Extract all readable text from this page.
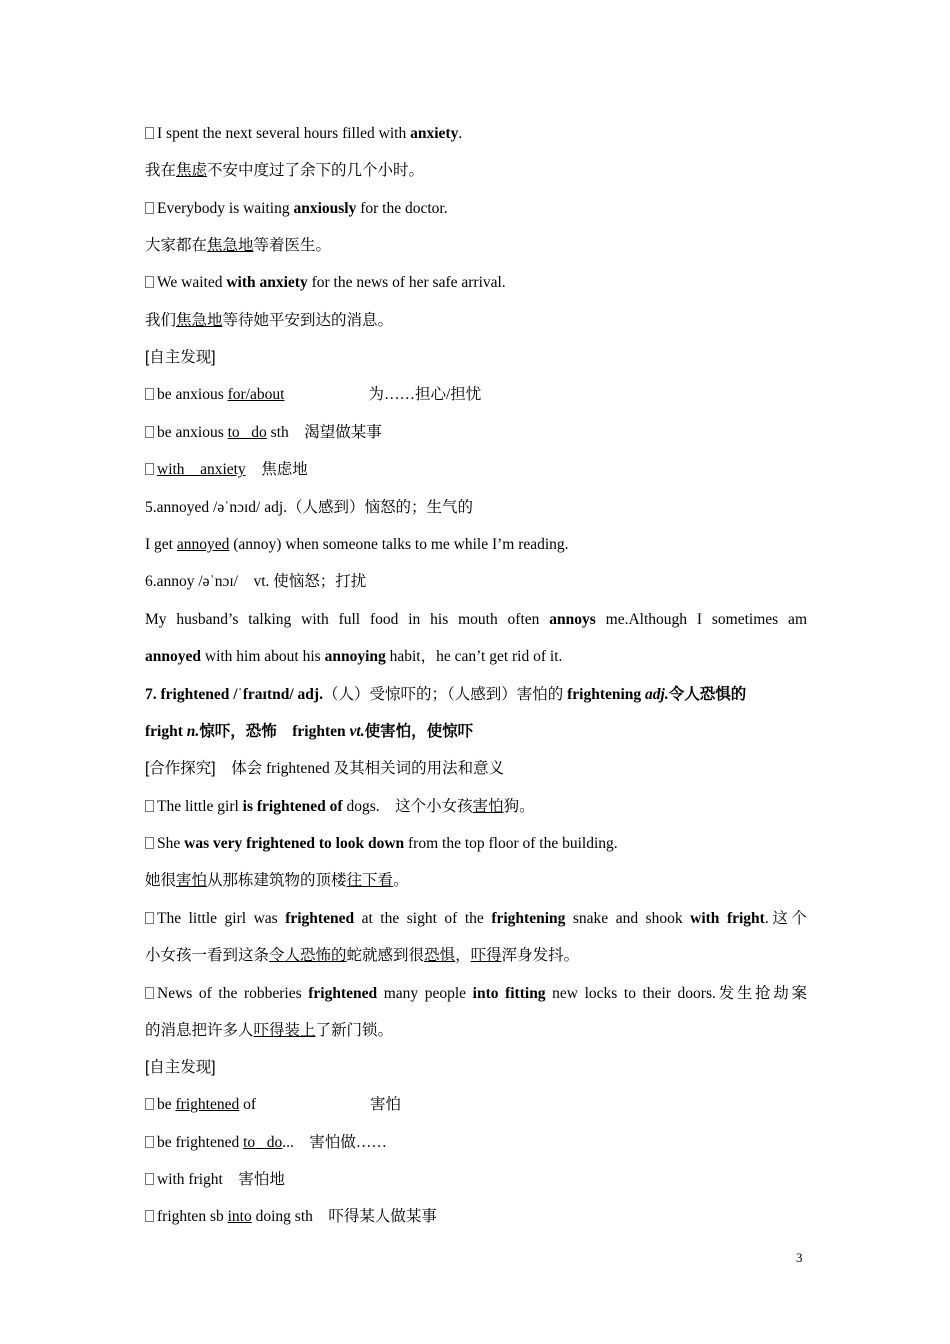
I spent the next several hours filled with anxiety.
我在焦虑不安中度过了余下的几个小时。
Everybody is waiting anxiously for the doctor.
大家都在焦急地等着医生。
We waited with anxiety for the news of her safe arrival.
我们焦急地等待她平安到达的消息。
[自主发现]
be anxious for/about	为……担心/担忧
be anxious to do sth　渴望做某事
with anxiety　焦虑地
5.annoyed /əˈnɔɪd/ adj.（人感到）恼怒的；生气的
I get annoyed (annoy) when someone talks to me while I’m reading.
6.annoy /əˈnɔɪ/　vt. 使恼怒；打扰
My husband’s talking with full food in his mouth often annoys me.Although I sometimes am
annoyed with him about his annoying habit，he can’t get rid of it.
7. frightened /ˈfraɪtnd/ adj.（人）受惊吓的；（人感到）害怕的 frightening adj.令人恐惧的
fright n.惊吓，恐怖　frighten vt.使害怕，使惊吓
[合作探究]　体会 frightened 及其相关词的用法和意义
The little girl is frightened of dogs.　这个小女孩害怕狗。
She was very frightened to look down from the top floor of the building.
她很害怕从那栋建筑物的顶楼往下看。
The little girl was frightened at the sight of the frightening snake and shook with fright.这个
小女孩一看到这条令人恐怖的蛇就感到很恐惧，吓得浑身发抖。
News of the robberies frightened many people into fitting new locks to their doors.发生抢劫案
的消息把许多人吓得装上了新门锁。
[自主发现]
be frightened of	害怕
be frightened to do...　害怕做……
with fright　害怕地
frighten sb into doing sth　吓得某人做某事
3
